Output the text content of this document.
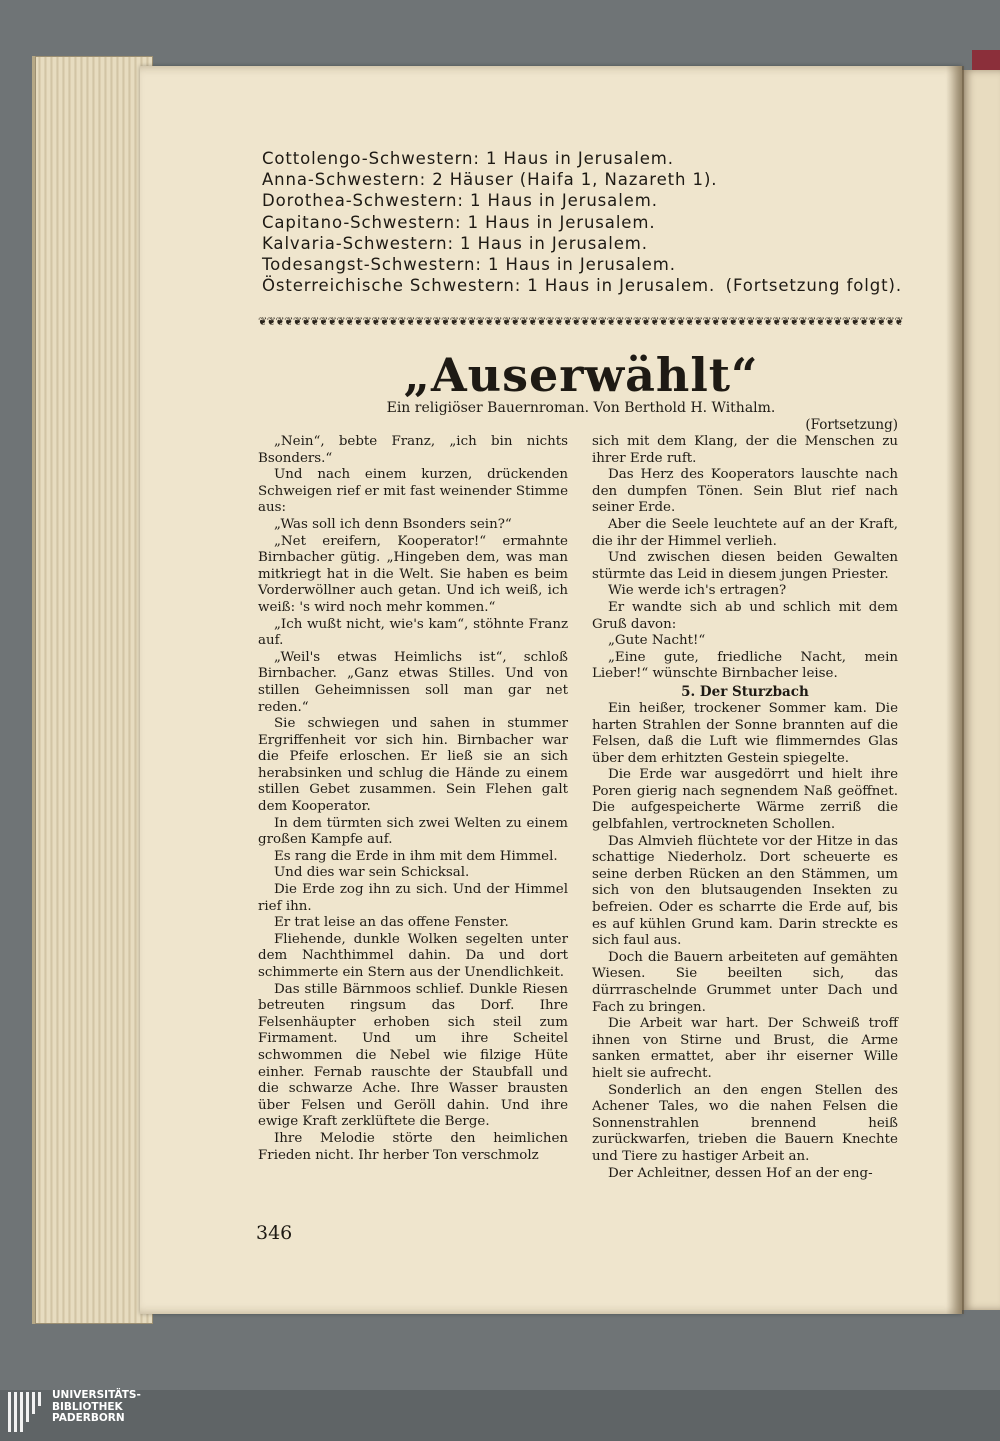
Cottolengo-Schwestern: 1 Haus in Jerusalem.
Anna-Schwestern: 2 Häuser (Haifa 1, Nazareth 1).
Dorothea-Schwestern: 1 Haus in Jerusalem.
Capitano-Schwestern: 1 Haus in Jerusalem.
Kalvaria-Schwestern: 1 Haus in Jerusalem.
Todesangst-Schwestern: 1 Haus in Jerusalem.
Österreichische Schwestern: 1 Haus in Jerusalem. (Fortsetzung folgt).
❦❦❦❦❦❦❦❦❦❦❦❦❦❦❦❦❦❦❦❦❦❦❦❦❦❦❦❦❦❦❦❦❦❦❦❦❦❦❦❦❦❦❦❦❦❦❦❦❦❦❦❦❦❦❦❦❦❦❦❦❦❦❦❦❦❦❦❦❦❦❦❦❦❦
„Auserwählt“
Ein religiöser Bauernroman. Von Berthold H. Withalm.
(Fortsetzung)

„Nein“, bebte Franz, „ich bin nichts Bsonders.“

Und nach einem kurzen, drückenden Schweigen rief er mit fast weinender Stimme aus:

„Was soll ich denn Bsonders sein?“

„Net ereifern, Kooperator!“ ermahnte Birnbacher gütig. „Hingeben dem, was man mitkriegt hat in die Welt. Sie haben es beim Vorderwöllner auch getan. Und ich weiß, ich weiß: 's wird noch mehr kommen.“

„Ich wußt nicht, wie's kam“, stöhnte Franz auf.

„Weil's etwas Heimlichs ist“, schloß Birnbacher. „Ganz etwas Stilles. Und von stillen Geheimnissen soll man gar net reden.“

Sie schwiegen und sahen in stummer Ergriffenheit vor sich hin. Birnbacher war die Pfeife erloschen. Er ließ sie an sich herabsinken und schlug die Hände zu einem stillen Gebet zusammen. Sein Flehen galt dem Kooperator.

In dem türmten sich zwei Welten zu einem großen Kampfe auf.

Es rang die Erde in ihm mit dem Himmel.

Und dies war sein Schicksal.

Die Erde zog ihn zu sich. Und der Himmel rief ihn.

Er trat leise an das offene Fenster.

Fliehende, dunkle Wolken segelten unter dem Nachthimmel dahin. Da und dort schimmerte ein Stern aus der Unendlichkeit.

Das stille Bärnmoos schlief. Dunkle Riesen betreuten ringsum das Dorf. Ihre Felsenhäupter erhoben sich steil zum Firmament. Und um ihre Scheitel schwommen die Nebel wie filzige Hüte einher. Fernab rauschte der Staubfall und die schwarze Ache. Ihre Wasser brausten über Felsen und Geröll dahin. Und ihre ewige Kraft zerklüftete die Berge.

Ihre Melodie störte den heimlichen Frieden nicht. Ihr herber Ton verschmolz

sich mit dem Klang, der die Menschen zu ihrer Erde ruft.

Das Herz des Kooperators lauschte nach den dumpfen Tönen. Sein Blut rief nach seiner Erde.

Aber die Seele leuchtete auf an der Kraft, die ihr der Himmel verlieh.

Und zwischen diesen beiden Gewalten stürmte das Leid in diesem jungen Priester.

Wie werde ich's ertragen?

Er wandte sich ab und schlich mit dem Gruß davon:

„Gute Nacht!“

„Eine gute, friedliche Nacht, mein Lieber!“ wünschte Birnbacher leise.

5. Der Sturzbach

Ein heißer, trockener Sommer kam. Die harten Strahlen der Sonne brannten auf die Felsen, daß die Luft wie flimmerndes Glas über dem erhitzten Gestein spiegelte.

Die Erde war ausgedörrt und hielt ihre Poren gierig nach segnendem Naß geöffnet. Die aufgespeicherte Wärme zerriß die gelbfahlen, vertrockneten Schollen.

Das Almvieh flüchtete vor der Hitze in das schattige Niederholz. Dort scheuerte es seine derben Rücken an den Stämmen, um sich von den blutsaugenden Insekten zu befreien. Oder es scharrte die Erde auf, bis es auf kühlen Grund kam. Darin streckte es sich faul aus.

Doch die Bauern arbeiteten auf gemähten Wiesen. Sie beeilten sich, das dürrraschelnde Grummet unter Dach und Fach zu bringen.

Die Arbeit war hart. Der Schweiß troff ihnen von Stirne und Brust, die Arme sanken ermattet, aber ihr eiserner Wille hielt sie aufrecht.

Sonderlich an den engen Stellen des Achener Tales, wo die nahen Felsen die Sonnenstrahlen brennend heiß zurückwarfen, trieben die Bauern Knechte und Tiere zu hastiger Arbeit an.

Der Achleitner, dessen Hof an der eng-

346
UNIVERSITÄTS-
BIBLIOTHEK
PADERBORN
